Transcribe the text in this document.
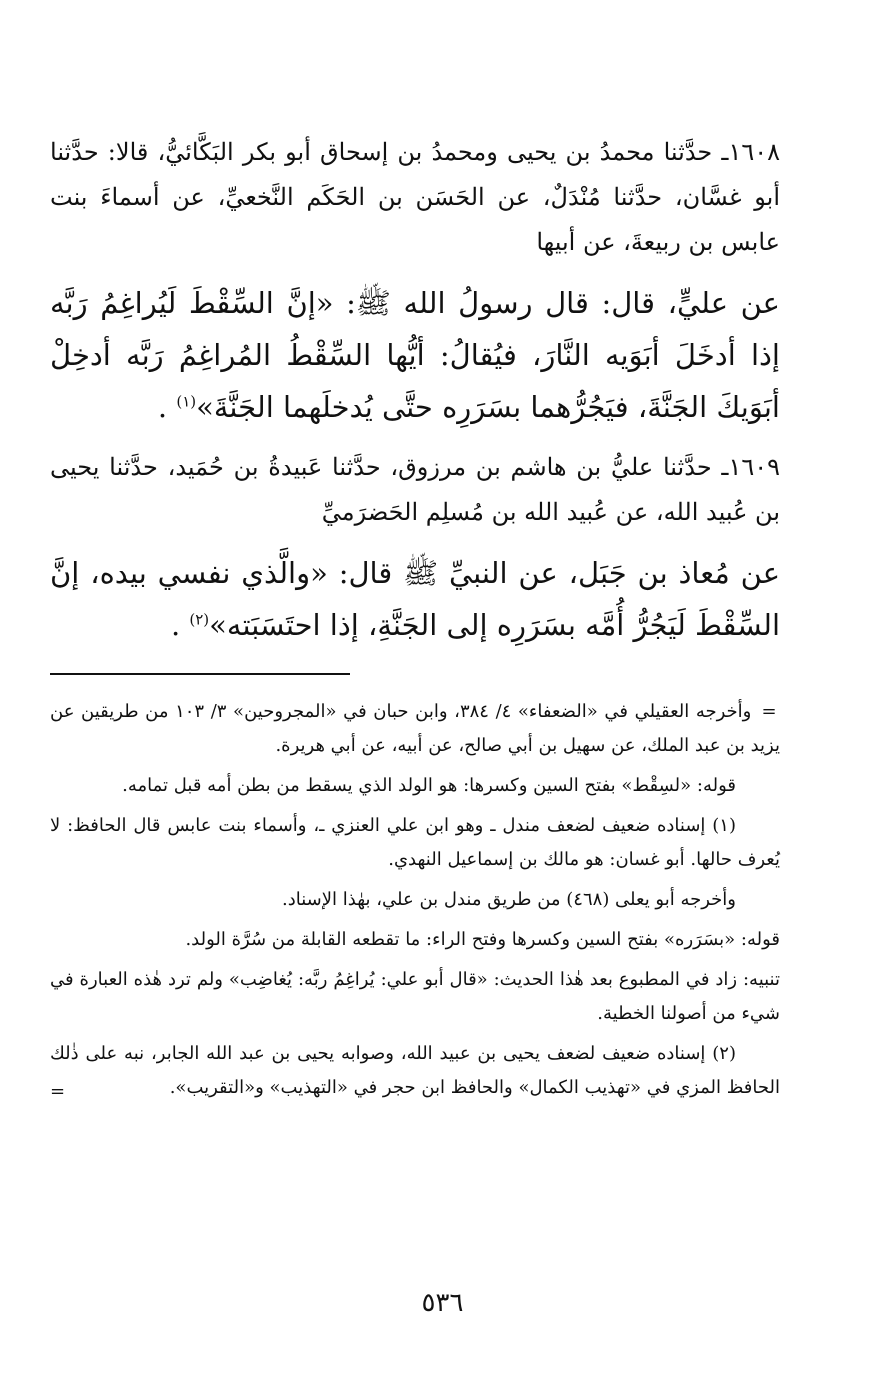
١٦٠٨ـ حدَّثنا محمدُ بن يحيى ومحمدُ بن إسحاق أبو بكر البَكَّائيُّ، قالا: حدَّثنا أبو غسَّان، حدَّثنا مُنْدَلٌ، عن الحَسَن بن الحَكَم النَّخعيِّ، عن أسماءَ بنت عابس بن ربيعةَ، عن أبيها

عن عليٍّ، قال: قال رسولُ الله ﷺ: «إنَّ السِّقْطَ لَيُراغِمُ رَبَّه إذا أدخَلَ أبَوَيه النَّارَ، فيُقالُ: أيُّها السِّقْطُ المُراغِمُ رَبَّه أدخِلْ أبَوَيكَ الجَنَّةَ، فيَجُرُّهما بسَرَرِه حتَّى يُدخلَهما الجَنَّةَ»$^{(١)}$ .

١٦٠٩ـ حدَّثنا عليُّ بن هاشم بن مرزوق، حدَّثنا عَبيدةُ بن حُمَيد، حدَّثنا يحيى بن عُبيد الله، عن عُبيد الله بن مُسلِم الحَضرَميِّ

عن مُعاذ بن جَبَل، عن النبيِّ ﷺ قال: «والَّذي نفسي بيده، إنَّ السِّقْطَ لَيَجُرُّ أُمَّه بسَرَرِه إلى الجَنَّةِ، إذا احتَسَبَته»$^{(٢)}$ .

= وأخرجه العقيلي في «الضعفاء» ٤/ ٣٨٤، وابن حبان في «المجروحين» ٣/ ١٠٣ من طريقين عن يزيد بن عبد الملك، عن سهيل بن أبي صالح، عن أبيه، عن أبي هريرة.

قوله: «لسِقْط» بفتح السين وكسرها: هو الولد الذي يسقط من بطن أمه قبل تمامه.

(١) إسناده ضعيف لضعف مندل ـ وهو ابن علي العنزي ـ، وأسماء بنت عابس قال الحافظ: لا يُعرف حالها. أبو غسان: هو مالك بن إسماعيل النهدي.

وأخرجه أبو يعلى (٤٦٨) من طريق مندل بن علي، بهٰذا الإسناد.

قوله: «بسَرَره» بفتح السين وكسرها وفتح الراء: ما تقطعه القابلة من سُرَّة الولد.

تنبيه: زاد في المطبوع بعد هٰذا الحديث: «قال أبو علي: يُراغِمُ ربَّه: يُغاضِب» ولم ترد هٰذه العبارة في شيء من أصولنا الخطية.

(٢) إسناده ضعيف لضعف يحيى بن عبيد الله، وصوابه يحيى بن عبد الله الجابر، نبه على ذٰلك الحافظ المزي في «تهذيب الكمال» والحافظ ابن حجر في «التهذيب» و«التقريب».

=
٥٣٦
